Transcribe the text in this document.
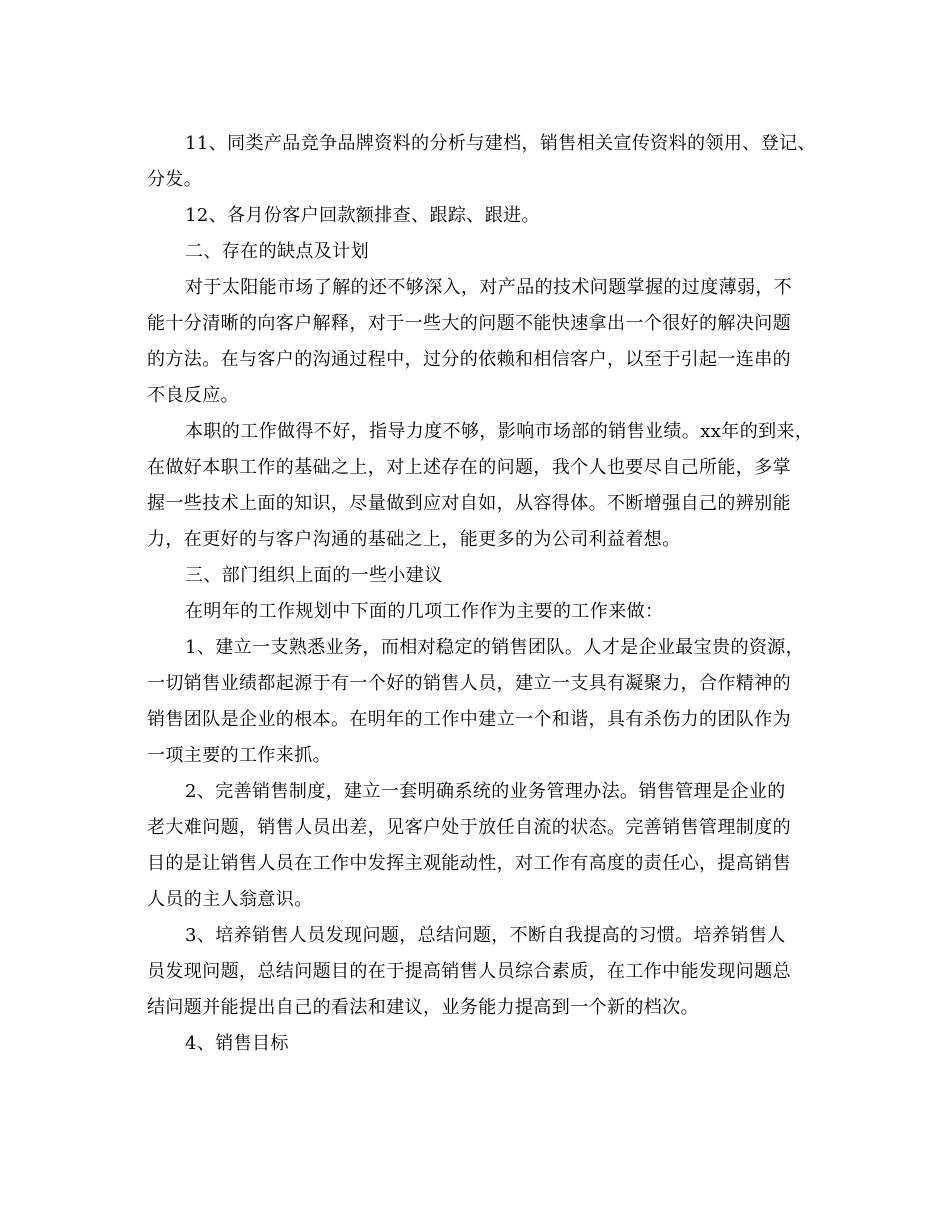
11、同类产品竞争品牌资料的分析与建档，销售相关宣传资料的领用、登记、
分发。
12、各月份客户回款额排查、跟踪、跟进。
二、存在的缺点及计划
对于太阳能市场了解的还不够深入，对产品的技术问题掌握的过度薄弱，不
能十分清晰的向客户解释，对于一些大的问题不能快速拿出一个很好的解决问题
的方法。在与客户的沟通过程中，过分的依赖和相信客户，以至于引起一连串的
不良反应。
本职的工作做得不好，指导力度不够，影响市场部的销售业绩。xx年的到来，
在做好本职工作的基础之上，对上述存在的问题，我个人也要尽自己所能，多掌
握一些技术上面的知识，尽量做到应对自如，从容得体。不断增强自己的辨别能
力，在更好的与客户沟通的基础之上，能更多的为公司利益着想。
三、部门组织上面的一些小建议
在明年的工作规划中下面的几项工作作为主要的工作来做：
1、建立一支熟悉业务，而相对稳定的销售团队。人才是企业最宝贵的资源，
一切销售业绩都起源于有一个好的销售人员，建立一支具有凝聚力，合作精神的
销售团队是企业的根本。在明年的工作中建立一个和谐，具有杀伤力的团队作为
一项主要的工作来抓。
2、完善销售制度，建立一套明确系统的业务管理办法。销售管理是企业的
老大难问题，销售人员出差，见客户处于放任自流的状态。完善销售管理制度的
目的是让销售人员在工作中发挥主观能动性，对工作有高度的责任心，提高销售
人员的主人翁意识。
3、培养销售人员发现问题，总结问题，不断自我提高的习惯。培养销售人
员发现问题，总结问题目的在于提高销售人员综合素质，在工作中能发现问题总
结问题并能提出自己的看法和建议，业务能力提高到一个新的档次。
4、销售目标
